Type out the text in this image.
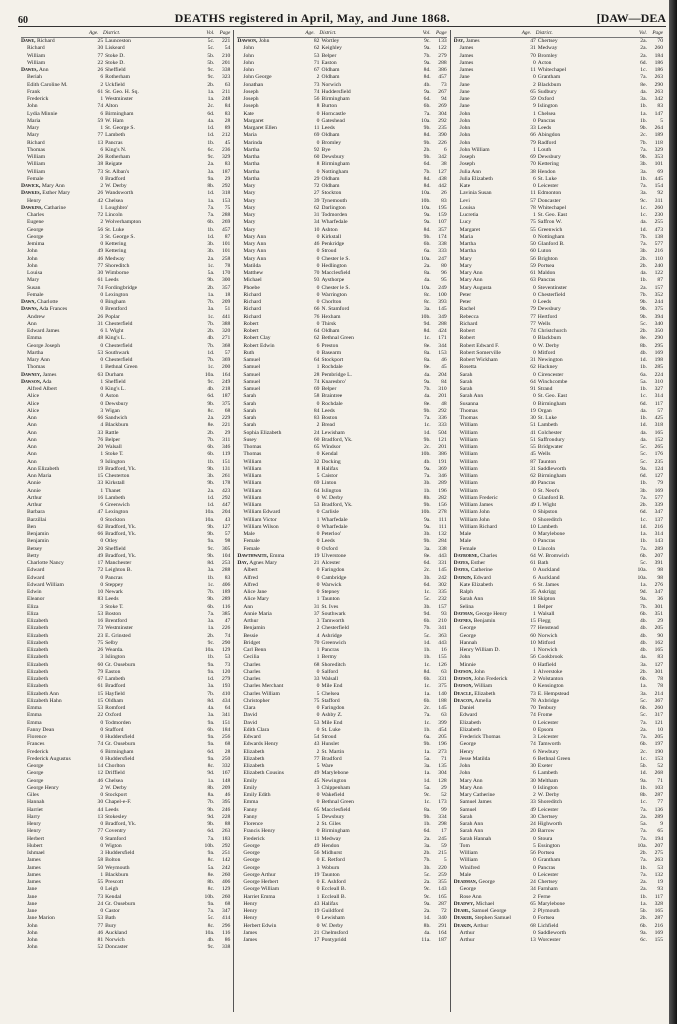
60	DEATHS registered in April, May, and June 1868.	[DAW—DEA
Age. District.	Vol.	Page
Dawe, Richard	25 Launceston	5c.	221
Richard	30 Liskeard	5c.	54
William	77 Stoke D.	5b.	210
William	22 Stoke D.	5b.	201
Dawes, Ann	26 Sheffield	9c.	338
Beriah	6 Rotherham	9c.	323
Edith Caroline M.	2 Uckfield	2b.	63
Frank	61 St. Geo. H. Sq.	1a.	211
Frederick	1 Westminster	1a.	248
John	74 Alton	2c.	84
Lydia Minnie	6 Birmingham	6d.	83
Maria	59 W. Ham	4a.	28
Mary	1 St. George S.	1d.	89
Mary	77 Lambeth	1d.	212
Richard	13 Pancras	1b.	45
Thomas	6 King's N.	6c.	236
William	26 Rotherham	9c.	329
William	38 Reigate	2a.	83
William	73 St. Alban's	3a.	187
Female	0 Bradford	9a.	29
Dawick, Mary Ann	2 W. Derby	8b.	292
Dawkes, Esther Mary	26 Wandsworth	1d.	318
Henry	42 Chelsea	1a.	153
Dawkins, Catharine	1 Loughbro'	7a.	75
Charles	72 Lincoln	7a.	288
Eugene	2 Wolverhampton	6b.	269
George	56 St. Luke	1b.	457
George	3 St. George S.	1d.	87
Jemima	0 Kettering	3b.	101
John	49 Kettering	3b.	101
John	46 Medway	2a.	258
John	77 Shoreditch	1c.	78
Louisa	30 Wimborne	5a.	170
Mary	61 Leeds	9b.	300
Susan	74 Fordingbridge	2b.	357
Female	0 Lexington	1a.	18
Dawn, Charlotte	0 Bingham	7b.	209
Dawns, Ada Frances	0 Brentford	3a.	51
Andrew	26 Poplar	1c.	441
Ann	31 Chesterfield	7b.	388
Edward James	6 I. Wight	2b.	320
Emma	48 King's L.	4b.	271
George Joseph	0 Chesterfield	7b.	368
Martha	53 Southwark	1d.	57
Mary Ann	0 Chesterfield	7b.	369
Thomas	1 Bethnal Green	1c.	200
Dawney, James	63 Durham	10a.	164
Dawson, Ada	1 Sheffield	9c.	249
Alfred Albert	0 King's L.	4b.	218
Alice	0 Aston	6d.	187
Alice	0 Dewsbury	9b.	375
Alice	3 Wigan	8c.	68
Ann	66 Sandwich	2a.	229
Ann	4 Blackburn	8e.	221
Ann	33 Rattle	2b.	29
Ann	76 Belper	7b.	311
Ann	20 Walsall	6b.	346
Ann	1 Stoke T.	6b.	119
Ann	9 Islington	1b.	151
Ann Elizabeth	19 Bradford, Yk.	9b.	131
Ann Maria	15 Chesterton	3b.	261
Annie	33 Kirkstall	9b.	178
Annie	1 Thanet	2a.	423
Arthur	16 Lambeth	1d.	292
Arthur	6 Greenwich	1d.	447
Barbara	47 Lexington	10a.	204
Barzillai	0 Stockton	10a.	43
Ben	62 Bradford, Yk.	9b.	127
Benjamin	66 Bradford, Yk.	9b.	57
Benjamin	0 Otley	9a.	98
Betsey	20 Sheffield	9c.	305
Betty	49 Bradford, Yk.	9b.	104
Charlotte Nancy	17 Manchester	8d.	253
Edward	72 Leighton B.	3a.	288
Edward	0 Pancras	1b.	83
Edward William	0 Steppey	1c.	406
Edwin	10 Newark	7b.	189
Eleanor	83 Leeds	9b.	289
Eliza	3 Stoke T.	6b.	116
Eliza	53 Boston	7a.	385
Elizabeth	16 Brentford	3a.	47
Elizabeth	73 Westminster	1a.	226
Elizabeth	23 E. Grinsted	2b.	74
Elizabeth	75 Selby	9c.	290
Elizabeth	26 Wearda.	10a.	129
Elizabeth	3 Islington	1b.	53
Elizabeth	60 Gt. Ouseburn	9a.	73
Elizabeth	79 Easton	9a.	120
Elizabeth	67 Lambeth	1d.	279
Elizabeth	61 Bradford	3a.	193
Elizabeth Ann	15 Hayfield	7b.	410
Elizabeth Hahn	15 Oldham	8d.	434
Emma	53 Romford	4a.	64
Emma	22 Oxford	3a.	341
Emma	0 Todmorden	9a.	151
Fanny Dean	0 Stafford	6b.	184
Florence	0 Huddersfield	9a.	256
Frances	74 Gt. Ouseburn	9a.	68
Frederick	6 Birmingham	6d.	28
Frederick Augustus	0 Huddersfield	9a.	250
George	14 Chorlton	8c.	332
George	12 Driffield	9d.	167
George	46 Chelsea	1a.	148
George Henry	2 W. Derby	8b.	209
Giles	0 Stockport	8a.	46
Hannah	30 Chapel-e-F.	7b.	395
Harriet	44 Leeds	9b.	246
Harry	13 Stokesley	9d.	228
Henry	0 Bradford, Yk.	9b.	88
Henry	77 Coventry	6d.	263
Herbert	0 Stamford	7a.	183
Hubert	0 Wigton	10b.	292
Ishmael	3 Huddersfield	9a.	251
James	58 Bolton	8c.	142
James	50 Weymouth	5a.	242
James	1 Blackburn	8e.	260
James	55 Prescott	8b.	406
Jane	0 Leigh	8c.	129
Jane	73 Kendal	10b.	260
Jane	24 Gt. Ouseburn	9a.	68
Jane	0 Castor	7a.	347
Jane Marion	53 Bath	5c.	414
John	77 Bury	8c.	296
John	46 Auckland	10a.	116
John	81 Norwich	4b.	86
John	52 Doncaster	9c.	338
Age. District.	Vol.	Page
Dawson, John	82 Wortley	9c.	133
John	62 Keighley	9a.	122
John	53 Belper	7b.	279
John	71 Easton	9a.	288
John	67 Oldham	8d.	386
John George	2 Oldham	8d.	457
Jonathan	73 Norwich	4b.	73
Joseph	74 Huddersfield	9a.	267
Joseph	56 Birmingham	6d.	94
Joseph	8 Burton	6b.	269
Kate	0 Horncastle	7a.	304
Margaret	0 Gateshead	10a.	292
Margaret Ellen	11 Leeds	9b.	235
Maria	69 Oldham	8d.	390
Marinda	0 Bromley	9b.	226
Martha	92 Bye	2b.	6
Martha	60 Dewsbury	9b.	342
Martha	8 Birmingham	6d.	38
Martha	0 Nottingham	7b.	127
Martha	29 Oldham	8d.	438
Mary	72 Oldham	8d.	442
Mary	27 Stockton	10a.	26
Mary	39 Tynemouth	10b.	83
Mary	62 Darlington	10a.	195
Mary	31 Todmorden	9a.	159
Mary	34 Wharfedale	9a.	107
Mary	10 Ashton	8d.	357
Mary Ann	0 Kirkstall	9b.	174
Mary Ann	46 Penkridge	6b.	338
Mary Ann	0 Stroud	6a.	333
Mary Ann	0 Chester le S.	10a.	247
Matilda	0 Hedlington	2a.	80
Matthew	70 Macclesfield	8a.	96
Michael	93 Aysthorpe	4a.	95
Phoebe	0 Chester le S.	10a.	249
Richard	0 Warrington	8c.	100
Richard	0 Chorlton	8c.	393
Richard	66 N. Stamford	3a.	145
Richard	76 Hexham	10b.	349
Robert	0 Thirsk	9d.	288
Robert	64 Oldham	8d.	424
Robert Clay	62 Bethnal Green	1c.	171
Robert Edwin	6 Preston	8e.	344
Ruth	0 Basearm	8a.	153
Samuel	64 Stockport	8a.	46
Samuel	1 Rochdale	8e.	45
Samuel	28 Pembridge L.	4a.	204
Samuel	74 Knaresbro'	9a.	84
Samuel	69 Belper	7b.	310
Sarah	58 Braintree	4a.	201
Sarah	0 Rochdale	8e.	48
Sarah	84 Leeds	9b.	292
Sarah	83 Boston	7a.	336
Sarah	2 Bread	1c.	333
Sophia Elizabeth	24 Lewisham	1d.	504
Susey	60 Bradford, Yk.	9b.	121
Thomas	65 Windsor	2c.	201
Thomas	0 Kendal	10b.	386
William	32 Docking	4b.	191
William	8 Halifax	9a.	369
William	5 Caistor	7a.	346
William	69 Linton	3b.	289
William	64 Islington	1b.	196
William	0 W. Derby	8b.	282
William	53 Bradford, Yk.	9b.	156
William Edward	0 Carlisle	10b.	278
William Victor	1 Wharfedale	9a.	111
William Wilson	0 Wharfedale	9a.	111
Male	0 Peterloo'	3b.	132
Female	0 Leeds	9b.	284
Female	0 Oxford	3a.	338
Dawthwaite, Emma	19 Ulverstone	8e.	443
Day, Agnes Mary	21 Alcester	6d.	331
Albert	0 Faringdon	2c.	145
Alfred	0 Cambridge	3b.	242
Alfred	0 Warwick	6d.	302
Alice Jane	0 Stepney	1c.	335
Alice Mary	1 Taunton	5c.	232
Ann	31 St. Ives	3b.	157
Annie Maria	37 Southwark	9d.	93
Arthur	3 Tamworth	6b.	210
Benjamin	2 Chesterfield	7b.	341
Bessie	4 Ashridge	5c.	363
Bridget	70 Greenwich	1d.	443
Carl Benn	1 Pancras	1b.	16
Cecilia	1 Bermy	1b.	155
Charles	68 Shoreditch	1c.	126
Charles	0 Salford	8d.	63
Charles	33 Walsall	6b.	331
Charles Merchant	0 Mile End	1c.	375
Charles William	5 Chelsea	1a.	140
Christopher	75 Stafford	6b.	188
Clara	0 Faringdon	2c.	145
David	0 Ashby Z.	7a.	63
David	53 Mile End	1c.	399
Edith Clara	0 St. Luke	1b.	454
Edward	54 Stroud	6a.	205
Edwards Henry	43 Hunslet	9b.	196
Elizabeth	2 St. Martin	1a.	273
Elizabeth	77 Bradford	5a.	71
Elizabeth	5 Ware	3a.	135
Elizabeth Cousins	49 Marylebone	1a.	304
Emily	45 Newington	1d.	128
Emily	3 Chippenham	5a.	29
Emily Edith	0 Wakefield	9c.	52
Emma	0 Bethnal Green	1c.	173
Fanny	65 Macclesfield	8a.	99
Fanny	5 Dewsbury	9b.	334
Florence	2 St. Giles	1b.	298
Francis Henry	0 Birmingham	6d.	17
Frederick	11 Medway	2a.	245
George	49 Hendon	3a.	59
George	56 Midhurst	2b.	215
George	0 E. Retford	7b.	5
George	3 Woburn	3b.	220
George Arthur	19 Taunton	5c.	259
George Herbert	0 E. Ashford	2a.	355
George William	0 Eccleall B.	9c.	143
Harriet Emma	1 Eccleall B.	9c.	165
Henry	43 Halifax	9a.	287
Henry	19 Guildford	2a.	72
Henry	0 Lewisham	1d.	340
Herbert Edwin	0 W. Derby	8b.	291
James	21 Chelmsford	4a.	164
James	17 Pontypridd	11a.	187
Age. District.	Vol.	Page
Day, James	47 Chertsey	2a.	70
James	31 Medway	2a.	260
James	70 Bromley	2a.	184
James	0 Acton	6d.	186
James	11 Whitechapel	1c.	186
Jane	0 Grantham	7a.	263
Jane	2 Blackburn	8e.	290
Jane	65 Sudbury	4a.	263
Jane	59 Oxford	3a.	342
Jane	9 Islington	1b.	83
John	1 Chelsea	1a.	147
John	0 Pancras	1b.	5
John	33 Leeds	9b.	264
John	66 Abingdon	2c.	189
John	79 Radford	7b.	118
John William	1 Louth	7a.	329
Joseph	69 Dewsbury	9b.	353
Joseph	70 Kettering	3b.	101
Julia Ann	38 Hendon	3a.	69
Julia Elizabeth	6 St. Luke	1b.	445
Kate	0 Leicester	7a.	154
Lavinia Susan	11 Edmonton	3a.	92
Levi	57 Doncaster	9c.	311
Louisa	78 Whitechapel	1c.	260
Lucretia	1 St. Geo. East	1c.	230
Lucy	75 Saffron W.	4a.	255
Margaret	55 Greenwich	1d.	473
Maria	0 Nottingham	7b.	138
Martha	50 Glanford B.	7a.	577
Martha	60 Luton	3b.	216
Mary	56 Brighton	2b.	110
Mary	59 Portsea	2b.	240
Mary Ann	61 Maldon	4a.	122
Mary Ann	63 Pancras	1b.	87
Mary Augusta	0 Steventinster	2a.	157
Peter	0 Chesterfield	7b.	352
Peter	0 Leeds	9b.	244
Rachel	79 Dewsbury	9b.	375
Rebecca	77 Hertford	9b.	394
Richard	77 Wells	5c.	340
Robert	74 Christchurch	2b.	350
Robert	0 Blackburn	8e.	290
Robert Edward F.	0 W. Derby	8b.	295
Robert Somerville	0 Mitford	4b.	169
Robert Wickham	31 Newington	1d.	198
Rosetta	62 Hackney	1b.	285
Sarah	0 Cirencester	6a.	224
Sarah	64 Winchcombe	5a.	310
Sarah	91 Strand	1b.	327
Sarah Ann	0 St. Geo. East	1c.	314
Susanna	0 Birmingham	6d.	117
Thomas	19 Organ	4a.	57
Thomas	30 St. Luke	1b.	425
William	51 Lambeth	1d.	318
William	41 Colchester	4a.	165
William	51 Saffrondury	4a.	152
William	55 Bridgwater	5c.	265
William	45 Wells	5c.	176
William	87 Taunton	5c.	235
William	31 Saddleworth	9a.	124
William	62 Birmingham	6d.	127
William	40 Pancras	1b.	79
William	0 St. Neot's	3b.	169
William Frederic	0 Glanford B.	7a.	577
William James	49 I. Wight	2b.	339
William John	0 Shipston	6d.	347
William John	0 Shoreditch	1c.	137
William Richard	10 Lambeth	1d.	216
Male	0 Marylebone	1a.	314
Male	0 Pancras	1b.	143
Female	0 Lincoln	7a.	289
Dayborne, Charles	64 W. Bromwich	6b.	207
Dayes, Esther	61 Bath	5c.	391
Dayes, Catherine	0 Auckland	10a.	98
Daykin, Edward	6 Auckland	10a.	98
Kate Elizabeth	6 St. James	1a.	276
Ralph	35 Askrigg	9d.	347
Sarah Ann	18 Skipton	9a.	36
Selina	1 Belper	7b.	301
Dayman, George Henry	1 Walsall	6b.	351
Daynes, Benjamin	15 Flegg	4b.	29
George	77 Henstead	4b.	205
George	60 Norwich	4b.	90
Hannah	10 Mitford	4b.	162
Henry William D.	1 Norwich	4b.	165
John	56 Cookbrook	4a.	83
Minnie	0 Hatfield	3a.	127
Dayson, John	1 Alverstoke	2b.	301
Dayson, John Frederick	2 Wolstanton	6b.	78
Dayson, William	0 Kensington	1a.	78
Deacle, Elizabeth	73 E. Hempstead	3a.	214
Deacon, Amelia	78 Axbridge	5c.	367
Daniel	70 Tenbury	6b.	260
Edward	74 Frome	5c.	317
Elizabeth	0 Leicester	7a.	121
Elizabeth	0 Epsom	2a.	10
Frederick Thomas	3 Leicester	7a.	205
George	74 Tamworth	6b.	197
Henry	6 Newbury	2c.	190
Jesse Matilda	6 Bethnal Green	1c.	153
John	30 Exeter	5b.	52
John	6 Lambeth	1d.	268
Mary Ann	30 Meltham	9a.	71
Mary Ann	0 Islington	1b.	103
Mary Catherine	2 W. Derby	8b.	287
Samuel James	33 Shoreditch	1c.	77
Samuel	49 Leicester	7a.	136
Sarah	30 Chertsey	2a.	289
Sarah Ann	24 Highworth	5a.	9
Sarah Ann	20 Barrow	7a.	65
Sarah Hannah	0 Stoura	7a.	194
Tom	5 Essington	10a.	207
William	56 Portsea	2b.	275
William	0 Grantham	7a.	263
Winifred	0 Pancras	1b.	53
Male	0 Leicester	7a.	132
Deadman, George	24 Chertsey	2a.	19
George	34 Farnham	2a.	93
Rose Ann	2 Ferne	1b.	117
Deadwy, Michael	65 Marylebone	1a.	328
Deahl, Samuel George	2 Plymouth	5b.	165
Deaker, Stephen Samuel	0 Fortsea	2b.	287
Deakin, Arthur	68 Lichfield	6b.	216
Arthur	0 Saddleworth	9a.	169
Arthur	13 Worcester	6c.	155
